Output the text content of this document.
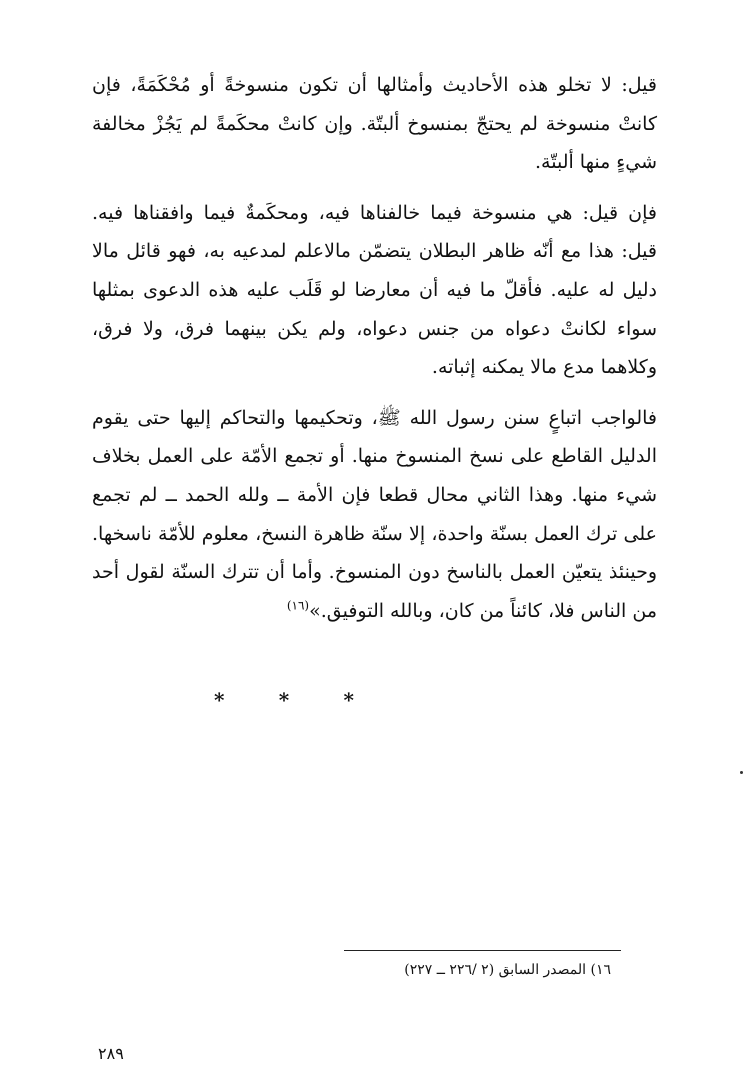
قيل: لا تخلو هذه الأحاديث وأمثالها أن تكون منسوخةً أو مُحْكَمَةً، فإن كانتْ منسوخة لم يحتجّ بمنسوخ ألبتّة. وإن كانتْ محكَمةً لم يَجُزْ مخالفة شيءٍ منها ألبتّة.

فإن قيل: هي منسوخة فيما خالفناها فيه، ومحكَمةٌ فيما وافقناها فيه. قيل: هذا مع أنّه ظاهر البطلان يتضمّن مالاعلم لمدعيه به، فهو قائل مالا دليل له عليه. فأقلّ ما فيه أن معارضا لو قَلَب عليه هذه الدعوى بمثلها سواء لكانتْ دعواه من جنس دعواه، ولم يكن بينهما فرق، ولا فرق، وكلاهما مدع مالا يمكنه إثباته.

فالواجب اتباعٍ سنن رسول الله ﷺ، وتحكيمها والتحاكم إليها حتى يقوم الدليل القاطع على نسخ المنسوخ منها. أو تجمع الأمّة على العمل بخلاف شيء منها. وهذا الثاني محال قطعا فإن الأمة ــ ولله الحمد ــ لم تجمع على ترك العمل بسنّة واحدة، إلا سنّة ظاهرة النسخ، معلوم للأمّة ناسخها. وحينئذ يتعيّن العمل بالناسخ دون المنسوخ. وأما أن تترك السنّة لقول أحد من الناس فلا، كائناً من كان، وبالله التوفيق.»$^{(١٦)}$

*	*	*
١٦) المصدر السابق (٢ /٢٢٦ ــ ٢٢٧)
٢٨٩
